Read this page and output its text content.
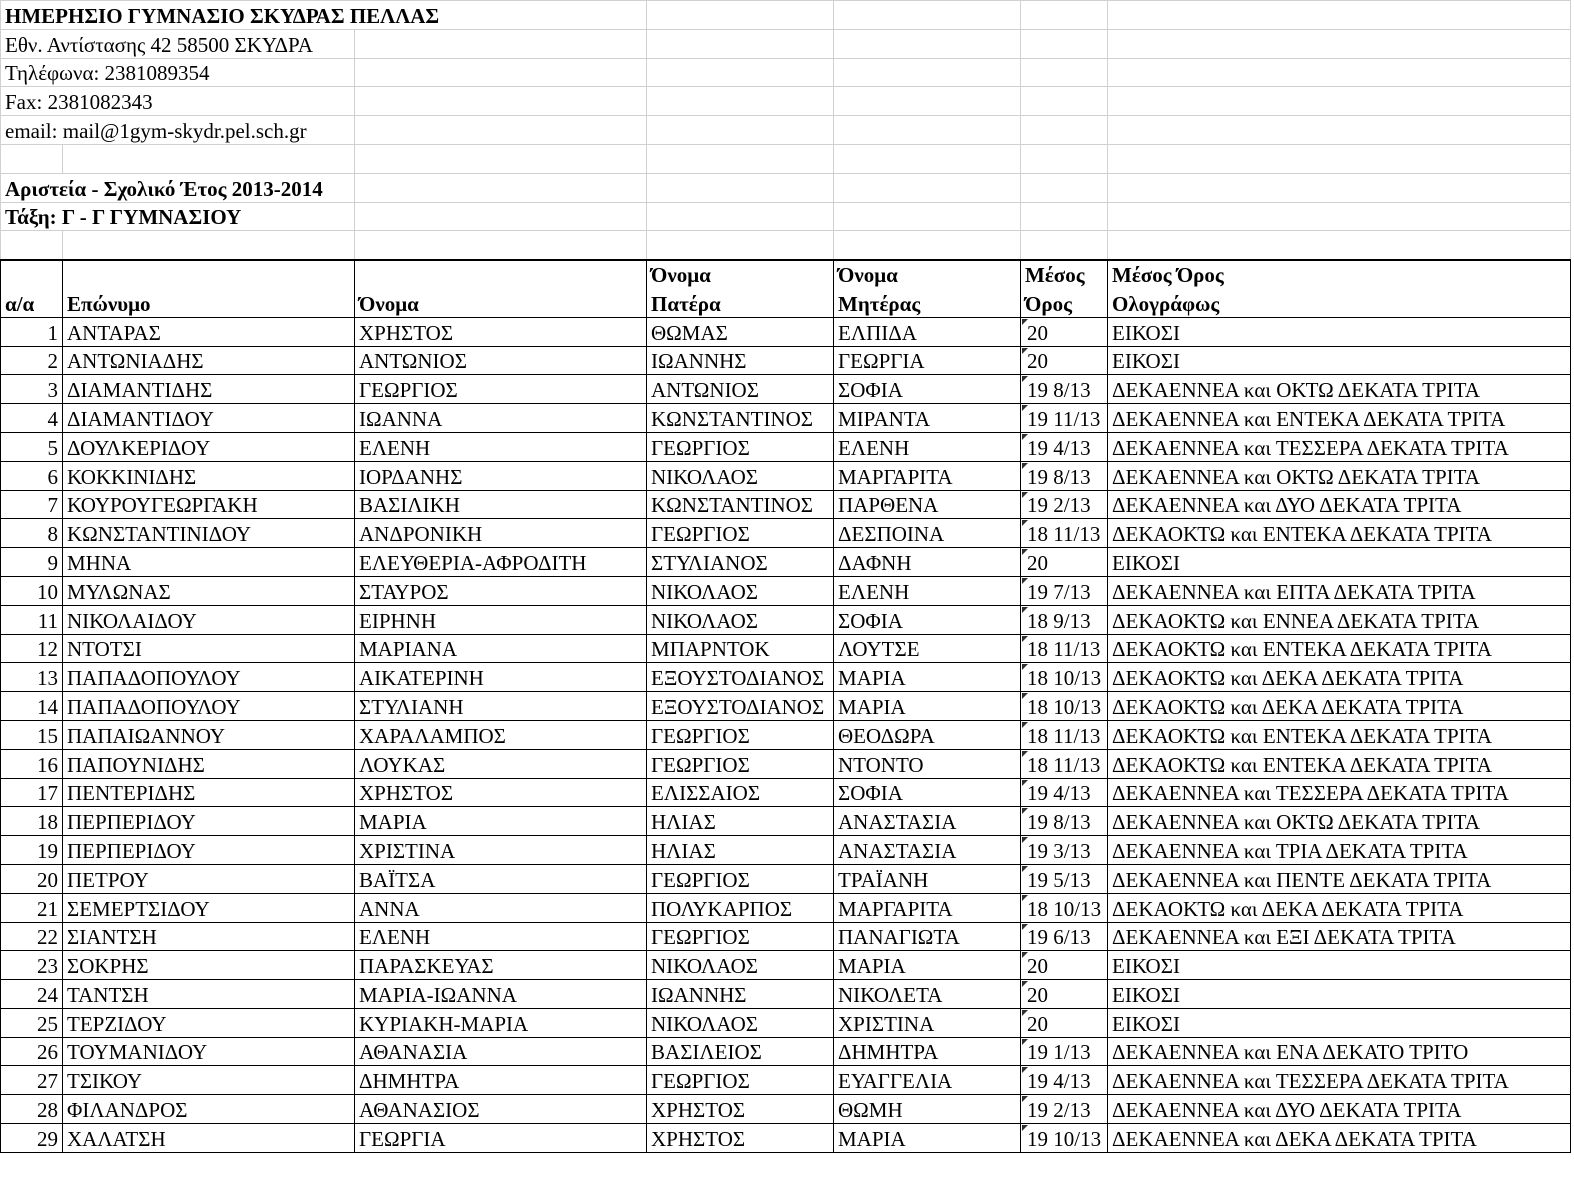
ΗΜΕΡΗΣΙΟ ΓΥΜΝΑΣΙΟ ΣΚΥΔΡΑΣ ΠΕΛΛΑΣ						
Εθν. Αντίστασης 42 58500 ΣΚΥΔΡΑ						
Τηλέφωνα: 2381089354						
Fax: 2381082343						
email: mail@1gym-skydr.pel.sch.gr						

Αριστεία - Σχολικό Έτος 2013-2014						
Τάξη: Γ - Γ ΓΥΜΝΑΣΙΟΥ						

			Όνομα	Όνομα	Μέσος	Μέσος Όρος
α/α	Επώνυμο	Όνομα	Πατέρα	Μητέρας	Όρος	Ολογράφως
1	ΑΝΤΑΡΑΣ	ΧΡΗΣΤΟΣ	ΘΩΜΑΣ	ΕΛΠΙΔΑ	20	ΕΙΚΟΣΙ
2	ΑΝΤΩΝΙΑΔΗΣ	ΑΝΤΩΝΙΟΣ	ΙΩΑΝΝΗΣ	ΓΕΩΡΓΙΑ	20	ΕΙΚΟΣΙ
3	ΔΙΑΜΑΝΤΙΔΗΣ	ΓΕΩΡΓΙΟΣ	ΑΝΤΩΝΙΟΣ	ΣΟΦΙΑ	19 8/13	ΔΕΚΑΕΝΝΕΑ και ΟΚΤΩ ΔΕΚΑΤΑ ΤΡΙΤΑ
4	ΔΙΑΜΑΝΤΙΔΟΥ	ΙΩΑΝΝΑ	ΚΩΝΣΤΑΝΤΙΝΟΣ	ΜΙΡΑΝΤΑ	19 11/13	ΔΕΚΑΕΝΝΕΑ και ΕΝΤΕΚΑ ΔΕΚΑΤΑ ΤΡΙΤΑ
5	ΔΟΥΛΚΕΡΙΔΟΥ	ΕΛΕΝΗ	ΓΕΩΡΓΙΟΣ	ΕΛΕΝΗ	19 4/13	ΔΕΚΑΕΝΝΕΑ και ΤΕΣΣΕΡΑ ΔΕΚΑΤΑ ΤΡΙΤΑ
6	ΚΟΚΚΙΝΙΔΗΣ	ΙΟΡΔΑΝΗΣ	ΝΙΚΟΛΑΟΣ	ΜΑΡΓΑΡΙΤΑ	19 8/13	ΔΕΚΑΕΝΝΕΑ και ΟΚΤΩ ΔΕΚΑΤΑ ΤΡΙΤΑ
7	ΚΟΥΡΟΥΓΕΩΡΓΑΚΗ	ΒΑΣΙΛΙΚΗ	ΚΩΝΣΤΑΝΤΙΝΟΣ	ΠΑΡΘΕΝΑ	19 2/13	ΔΕΚΑΕΝΝΕΑ και ΔΥΟ ΔΕΚΑΤΑ ΤΡΙΤΑ
8	ΚΩΝΣΤΑΝΤΙΝΙΔΟΥ	ΑΝΔΡΟΝΙΚΗ	ΓΕΩΡΓΙΟΣ	ΔΕΣΠΟΙΝΑ	18 11/13	ΔΕΚΑΟΚΤΩ και ΕΝΤΕΚΑ ΔΕΚΑΤΑ ΤΡΙΤΑ
9	ΜΗΝΑ	ΕΛΕΥΘΕΡΙΑ-ΑΦΡΟΔΙΤΗ	ΣΤΥΛΙΑΝΟΣ	ΔΑΦΝΗ	20	ΕΙΚΟΣΙ
10	ΜΥΛΩΝΑΣ	ΣΤΑΥΡΟΣ	ΝΙΚΟΛΑΟΣ	ΕΛΕΝΗ	19 7/13	ΔΕΚΑΕΝΝΕΑ και ΕΠΤΑ ΔΕΚΑΤΑ ΤΡΙΤΑ
11	ΝΙΚΟΛΑΙΔΟΥ	ΕΙΡΗΝΗ	ΝΙΚΟΛΑΟΣ	ΣΟΦΙΑ	18 9/13	ΔΕΚΑΟΚΤΩ και ΕΝΝΕΑ ΔΕΚΑΤΑ ΤΡΙΤΑ
12	ΝΤΟΤΣΙ	ΜΑΡΙΑΝΑ	ΜΠΑΡΝΤΟΚ	ΛΟΥΤΣΕ	18 11/13	ΔΕΚΑΟΚΤΩ και ΕΝΤΕΚΑ ΔΕΚΑΤΑ ΤΡΙΤΑ
13	ΠΑΠΑΔΟΠΟΥΛΟΥ	ΑΙΚΑΤΕΡΙΝΗ	ΕΞΟΥΣΤΟΔΙΑΝΟΣ	ΜΑΡΙΑ	18 10/13	ΔΕΚΑΟΚΤΩ και ΔΕΚΑ ΔΕΚΑΤΑ ΤΡΙΤΑ
14	ΠΑΠΑΔΟΠΟΥΛΟΥ	ΣΤΥΛΙΑΝΗ	ΕΞΟΥΣΤΟΔΙΑΝΟΣ	ΜΑΡΙΑ	18 10/13	ΔΕΚΑΟΚΤΩ και ΔΕΚΑ ΔΕΚΑΤΑ ΤΡΙΤΑ
15	ΠΑΠΑΙΩΑΝΝΟΥ	ΧΑΡΑΛΑΜΠΟΣ	ΓΕΩΡΓΙΟΣ	ΘΕΟΔΩΡΑ	18 11/13	ΔΕΚΑΟΚΤΩ και ΕΝΤΕΚΑ ΔΕΚΑΤΑ ΤΡΙΤΑ
16	ΠΑΠΟΥΝΙΔΗΣ	ΛΟΥΚΑΣ	ΓΕΩΡΓΙΟΣ	ΝΤΟΝΤΟ	18 11/13	ΔΕΚΑΟΚΤΩ και ΕΝΤΕΚΑ ΔΕΚΑΤΑ ΤΡΙΤΑ
17	ΠΕΝΤΕΡΙΔΗΣ	ΧΡΗΣΤΟΣ	ΕΛΙΣΣΑΙΟΣ	ΣΟΦΙΑ	19 4/13	ΔΕΚΑΕΝΝΕΑ και ΤΕΣΣΕΡΑ ΔΕΚΑΤΑ ΤΡΙΤΑ
18	ΠΕΡΠΕΡΙΔΟΥ	ΜΑΡΙΑ	ΗΛΙΑΣ	ΑΝΑΣΤΑΣΙΑ	19 8/13	ΔΕΚΑΕΝΝΕΑ και ΟΚΤΩ ΔΕΚΑΤΑ ΤΡΙΤΑ
19	ΠΕΡΠΕΡΙΔΟΥ	ΧΡΙΣΤΙΝΑ	ΗΛΙΑΣ	ΑΝΑΣΤΑΣΙΑ	19 3/13	ΔΕΚΑΕΝΝΕΑ και ΤΡΙΑ ΔΕΚΑΤΑ ΤΡΙΤΑ
20	ΠΕΤΡΟΥ	ΒΑΪΤΣΑ	ΓΕΩΡΓΙΟΣ	ΤΡΑΪΑΝΗ	19 5/13	ΔΕΚΑΕΝΝΕΑ και ΠΕΝΤΕ ΔΕΚΑΤΑ ΤΡΙΤΑ
21	ΣΕΜΕΡΤΣΙΔΟΥ	ΑΝΝΑ	ΠΟΛΥΚΑΡΠΟΣ	ΜΑΡΓΑΡΙΤΑ	18 10/13	ΔΕΚΑΟΚΤΩ και ΔΕΚΑ ΔΕΚΑΤΑ ΤΡΙΤΑ
22	ΣΙΑΝΤΣΗ	ΕΛΕΝΗ	ΓΕΩΡΓΙΟΣ	ΠΑΝΑΓΙΩΤΑ	19 6/13	ΔΕΚΑΕΝΝΕΑ και ΕΞΙ ΔΕΚΑΤΑ ΤΡΙΤΑ
23	ΣΟΚΡΗΣ	ΠΑΡΑΣΚΕΥΑΣ	ΝΙΚΟΛΑΟΣ	ΜΑΡΙΑ	20	ΕΙΚΟΣΙ
24	ΤΑΝΤΣΗ	ΜΑΡΙΑ-ΙΩΑΝΝΑ	ΙΩΑΝΝΗΣ	ΝΙΚΟΛΕΤΑ	20	ΕΙΚΟΣΙ
25	ΤΕΡΖΙΔΟΥ	ΚΥΡΙΑΚΗ-ΜΑΡΙΑ	ΝΙΚΟΛΑΟΣ	ΧΡΙΣΤΙΝΑ	20	ΕΙΚΟΣΙ
26	ΤΟΥΜΑΝΙΔΟΥ	ΑΘΑΝΑΣΙΑ	ΒΑΣΙΛΕΙΟΣ	ΔΗΜΗΤΡΑ	19 1/13	ΔΕΚΑΕΝΝΕΑ και ΕΝΑ ΔΕΚΑΤΟ ΤΡΙΤΟ
27	ΤΣΙΚΟΥ	ΔΗΜΗΤΡΑ	ΓΕΩΡΓΙΟΣ	ΕΥΑΓΓΕΛΙΑ	19 4/13	ΔΕΚΑΕΝΝΕΑ και ΤΕΣΣΕΡΑ ΔΕΚΑΤΑ ΤΡΙΤΑ
28	ΦΙΛΑΝΔΡΟΣ	ΑΘΑΝΑΣΙΟΣ	ΧΡΗΣΤΟΣ	ΘΩΜΗ	19 2/13	ΔΕΚΑΕΝΝΕΑ και ΔΥΟ ΔΕΚΑΤΑ ΤΡΙΤΑ
29	ΧΑΛΑΤΣΗ	ΓΕΩΡΓΙΑ	ΧΡΗΣΤΟΣ	ΜΑΡΙΑ	19 10/13	ΔΕΚΑΕΝΝΕΑ και ΔΕΚΑ ΔΕΚΑΤΑ ΤΡΙΤΑ
